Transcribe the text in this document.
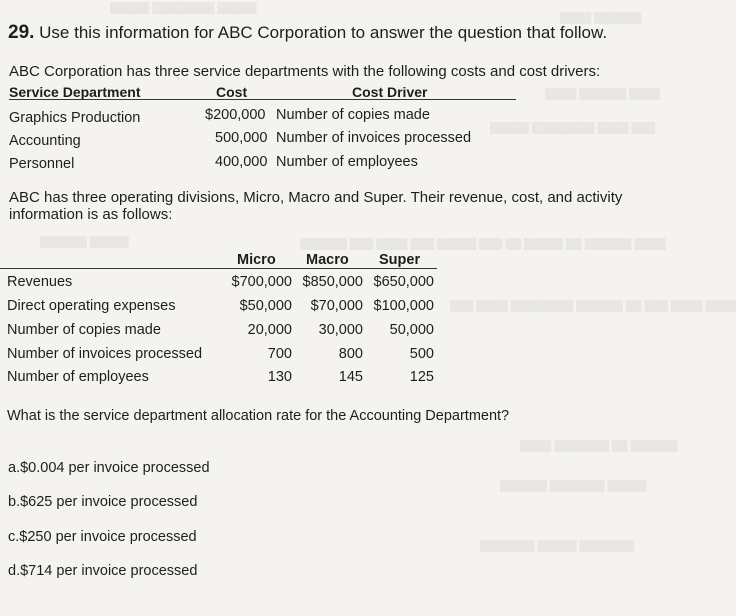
▒▒▒▒▒ ▒▒▒▒▒▒▒▒ ▒▒▒▒▒
▒▒▒▒ ▒▒▒▒▒▒
▒▒▒▒ ▒▒▒▒▒▒ ▒▒▒▒
▒▒▒▒▒ ▒▒▒▒▒▒▒▒ ▒▒▒▒ ▒▒▒
▒▒▒▒▒▒ ▒▒▒▒▒	▒▒▒▒▒▒ ▒▒▒ ▒▒▒▒ ▒▒▒ ▒▒▒▒▒ ▒▒▒ ▒▒ ▒▒▒▒▒ ▒▒ ▒▒▒▒▒▒ ▒▒▒▒
▒▒▒ ▒▒▒▒ ▒▒▒▒▒▒▒▒ ▒▒▒▒▒▒ ▒▒ ▒▒▒ ▒▒▒▒ ▒▒▒▒
▒▒▒▒ ▒▒▒▒▒▒▒ ▒▒ ▒▒▒▒▒▒
▒▒▒▒▒▒ ▒▒▒▒▒▒▒ ▒▒▒▒▒
▒▒▒▒▒▒▒ ▒▒▒▒▒ ▒▒▒▒▒▒▒
29. Use this information for ABC Corporation to answer the question that follow.
ABC Corporation has three service departments with the following costs and cost drivers:
Service Department	Cost	Cost Driver
Graphics Production	$200,000 Number of copies made
Accounting	500,000 Number of invoices processed
Personnel	400,000 Number of employees
ABC has three operating divisions, Micro, Macro and Super. Their revenue, cost, and activity
information is as follows:
Micro Macro Super
Revenues	$700,000 $850,000 $650,000
Direct operating expenses	$50,000	$70,000 $100,000
Number of copies made	20,000	30,000	50,000
Number of invoices processed	700	800	500
Number of employees	130	145	125
What is the service department allocation rate for the Accounting Department?
a.$0.004 per invoice processed
b.$625 per invoice processed
c.$250 per invoice processed
d.$714 per invoice processed
